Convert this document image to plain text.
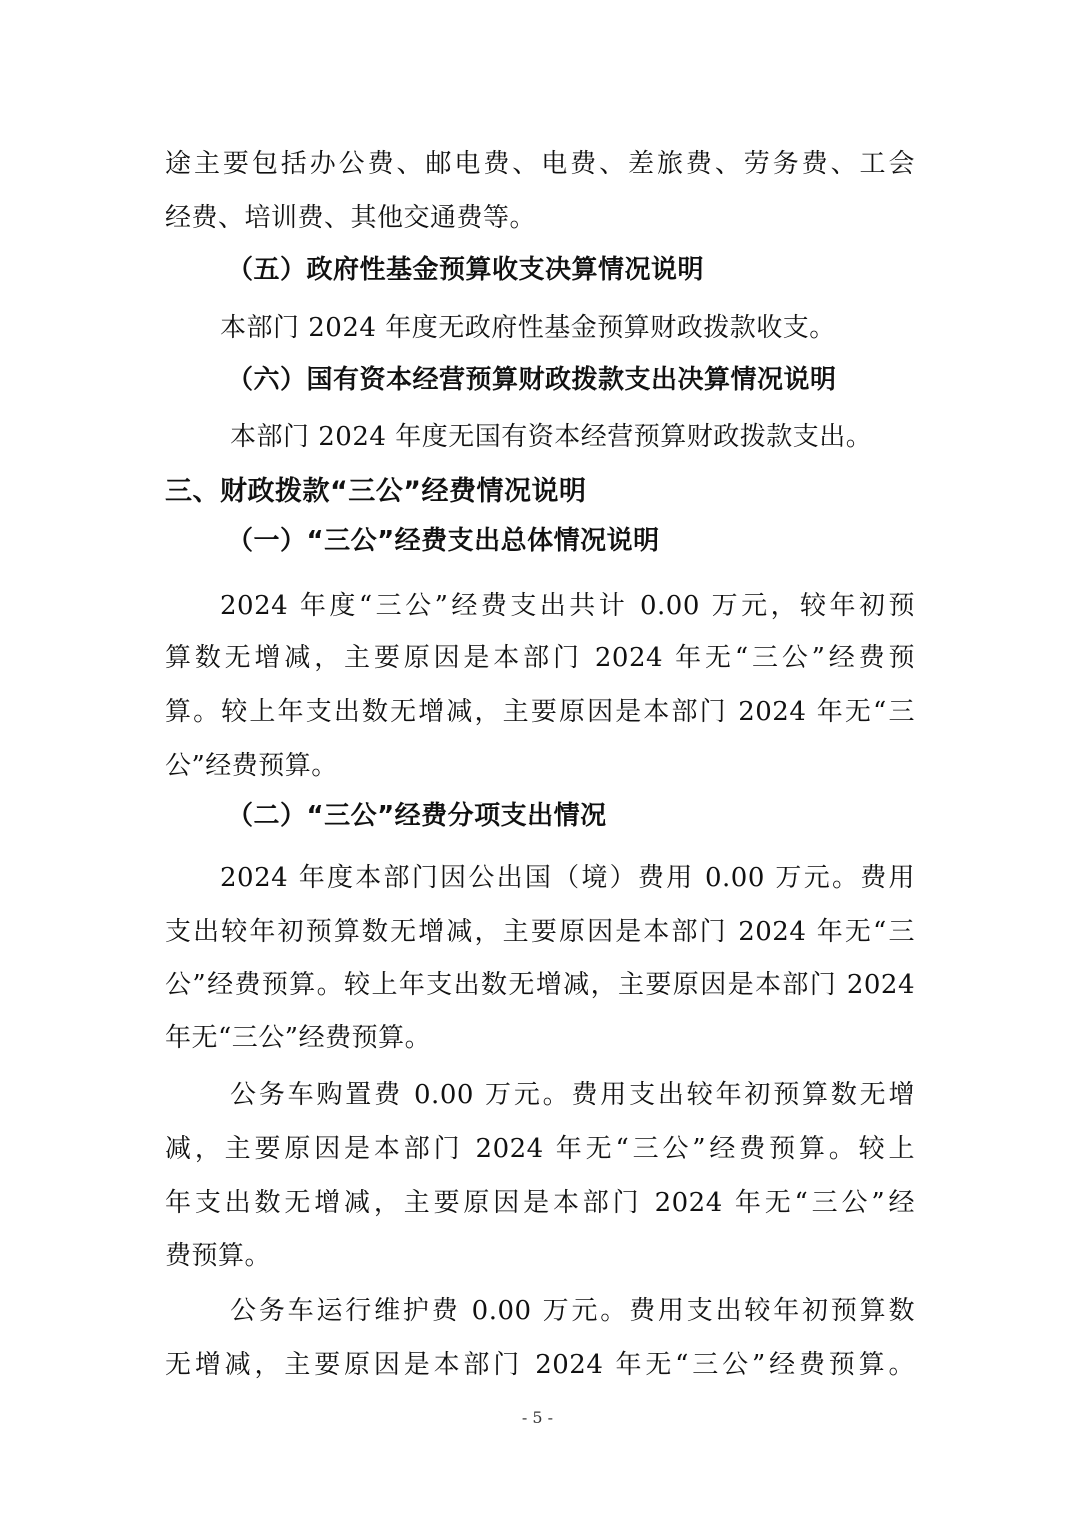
途主要包括办公费、邮电费、电费、差旅费、劳务费、工会
经费、培训费、其他交通费等。
（五）政府性基金预算收支决算情况说明
本部门 2024 年度无政府性基金预算财政拨款收支。
（六）国有资本经营预算财政拨款支出决算情况说明
本部门 2024 年度无国有资本经营预算财政拨款支出。
三、财政拨款“三公”经费情况说明
（一）“三公”经费支出总体情况说明
2024 年度“三公”经费支出共计 0.00 万元，较年初预
算数无增减，主要原因是本部门 2024 年无“三公”经费预
算。较上年支出数无增减，主要原因是本部门 2024 年无“三
公”经费预算。
（二）“三公”经费分项支出情况
2024 年度本部门因公出国（境）费用 0.00 万元。费用
支出较年初预算数无增减，主要原因是本部门 2024 年无“三
公”经费预算。较上年支出数无增减，主要原因是本部门 2024
年无“三公”经费预算。
公务车购置费 0.00 万元。费用支出较年初预算数无增
减，主要原因是本部门 2024 年无“三公”经费预算。较上
年支出数无增减，主要原因是本部门 2024 年无“三公”经
费预算。
公务车运行维护费 0.00 万元。费用支出较年初预算数
无增减，主要原因是本部门 2024 年无“三公”经费预算。
- 5 -
